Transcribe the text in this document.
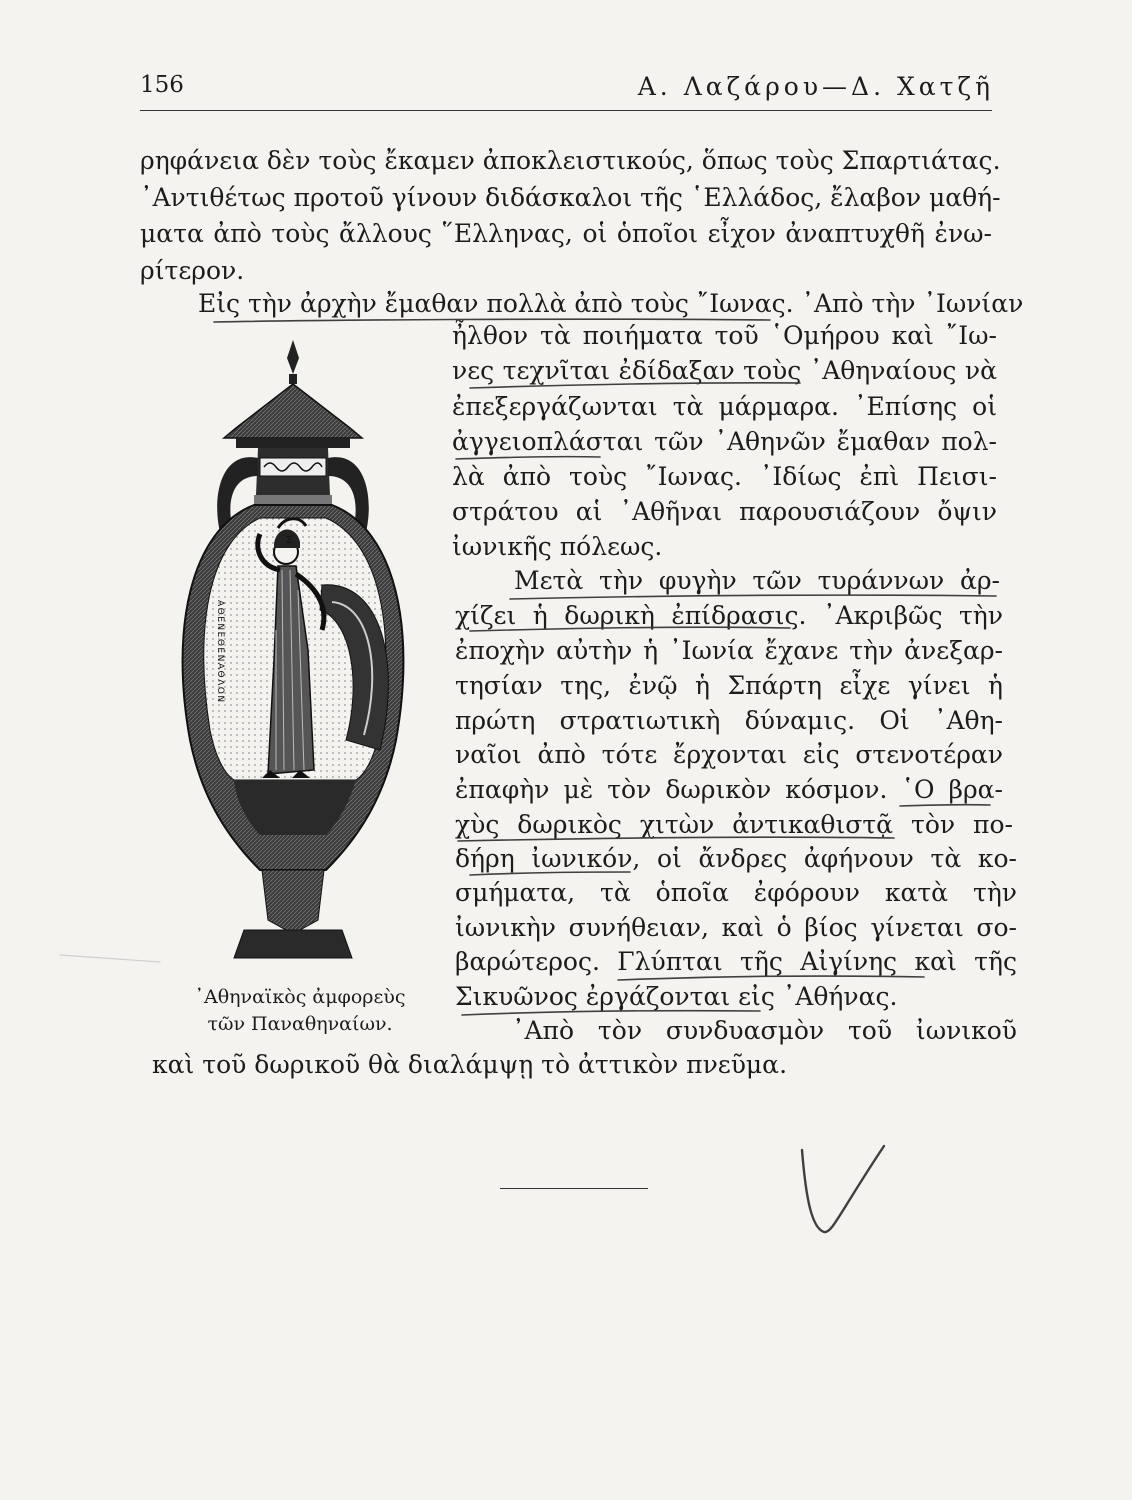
156	Α. Λαζάρου—Δ. Χατζῆ
ρηφάνεια δὲν τοὺς ἔκαμεν ἀποκλειστικούς, ὅπως τοὺς Σπαρτιάτας.
᾽Αντιθέτως προτοῦ γίνουν διδάσκαλοι τῆς ῾Ελλάδος, ἔλαβον μαθή-
ματα ἀπὸ τοὺς ἄλλους ῞Ελληνας, οἱ ὁποῖοι εἶχον ἀναπτυχθῆ ἐνω-
ρίτερον.
Εἰς τὴν ἀρχὴν ἔμαθαν πολλὰ ἀπὸ τοὺς ῎Ιωνας. ᾽Απὸ τὴν ᾽Ιωνίαν
ἦλθον τὰ ποιήματα τοῦ ῾Ομήρου καὶ ῎Ιω-
νες τεχνῖται ἐδίδαξαν τοὺς ᾽Αθηναίους νὰ
ἐπεξεργάζωνται τὰ μάρμαρα. ᾽Επίσης οἱ
ἀγγειοπλάσται τῶν ᾽Αθηνῶν ἔμαθαν πολ-
λὰ ἀπὸ τοὺς ῎Ιωνας. ᾽Ιδίως ἐπὶ Πεισι-
στράτου αἱ ᾽Αθῆναι παρουσιάζουν ὄψιν
ἰωνικῆς πόλεως.
Μετὰ τὴν φυγὴν τῶν τυράννων ἀρ-
χίζει ἡ δωρικὴ ἐπίδρασις. ᾽Ακριβῶς τὴν
ἐποχὴν αὐτὴν ἡ ᾽Ιωνία ἔχανε τὴν ἀνεξαρ-
τησίαν της, ἐνῷ ἡ Σπάρτη εἶχε γίνει ἡ
πρώτη στρατιωτικὴ δύναμις. Οἱ ᾽Αθη-
ναῖοι ἀπὸ τότε ἔρχονται εἰς στενοτέραν
ἐπαφὴν μὲ τὸν δωρικὸν κόσμον. ῾Ο βρα-
χὺς δωρικὸς χιτὼν ἀντικαθιστᾷ τὸν πο-
δήρη ἰωνικόν, οἱ ἄνδρες ἀφήνουν τὰ κο-
σμήματα, τὰ ὁποῖα ἐφόρουν κατὰ τὴν
ἰωνικὴν συνήθειαν, καὶ ὁ βίος γίνεται σο-
βαρώτερος. Γλύπται τῆς Αἰγίνης καὶ τῆς
Σικυῶνος ἐργάζονται εἰς ᾽Αθήνας.
᾽Απὸ τὸν συνδυασμὸν τοῦ ἰωνικοῦ
καὶ τοῦ δωρικοῦ θὰ διαλάμψῃ τὸ ἀττικὸν πνεῦμα.
᾽Αθηναϊκὸς ἀμφορεὺς
τῶν Παναθηναίων.
ΑΘΕΝΕΘΕΝΑΘΛΟΝ
Σ
